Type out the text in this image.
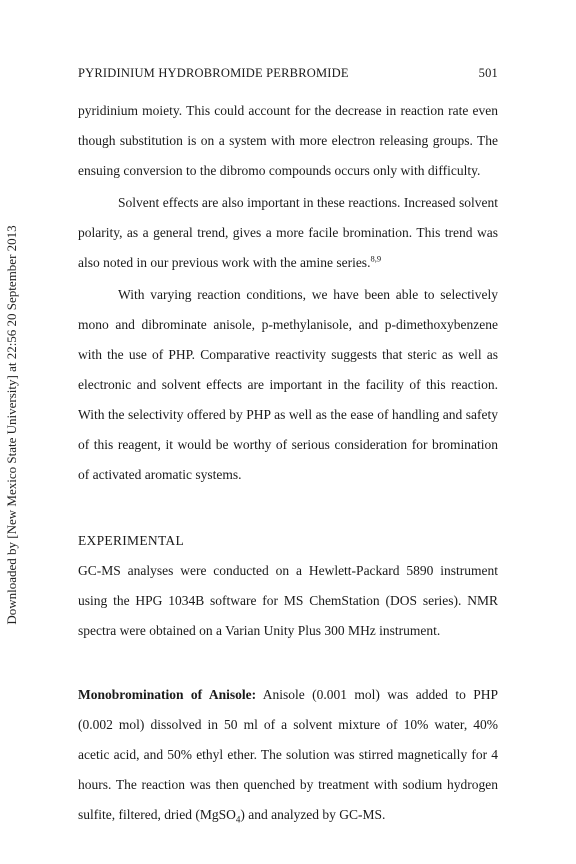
Downloaded by [New Mexico State University] at 22:56 20 September 2013
PYRIDINIUM HYDROBROMIDE PERBROMIDE	501

pyridinium moiety. This could account for the decrease in reaction rate even though substitution is on a system with more electron releasing groups. The ensuing conversion to the dibromo compounds occurs only with difficulty.

Solvent effects are also important in these reactions. Increased solvent polarity, as a general trend, gives a more facile bromination. This trend was also noted in our previous work with the amine series.$^{8,9}$

With varying reaction conditions, we have been able to selectively mono and dibrominate anisole, p-methylanisole, and p-dimethoxybenzene with the use of PHP. Comparative reactivity suggests that steric as well as electronic and solvent effects are important in the facility of this reaction. With the selectivity offered by PHP as well as the ease of handling and safety of this reagent, it would be worthy of serious consideration for bromination of activated aromatic systems.

EXPERIMENTAL

GC-MS analyses were conducted on a Hewlett-Packard 5890 instrument using the HPG 1034B software for MS ChemStation (DOS series). NMR spectra were obtained on a Varian Unity Plus 300 MHz instrument.

Monobromination of Anisole: Anisole (0.001 mol) was added to PHP (0.002 mol) dissolved in 50 ml of a solvent mixture of 10% water, 40% acetic acid, and 50% ethyl ether. The solution was stirred magnetically for 4 hours. The reaction was then quenched by treatment with sodium hydrogen sulfite, filtered, dried (MgSO$_4$) and analyzed by GC-MS.
